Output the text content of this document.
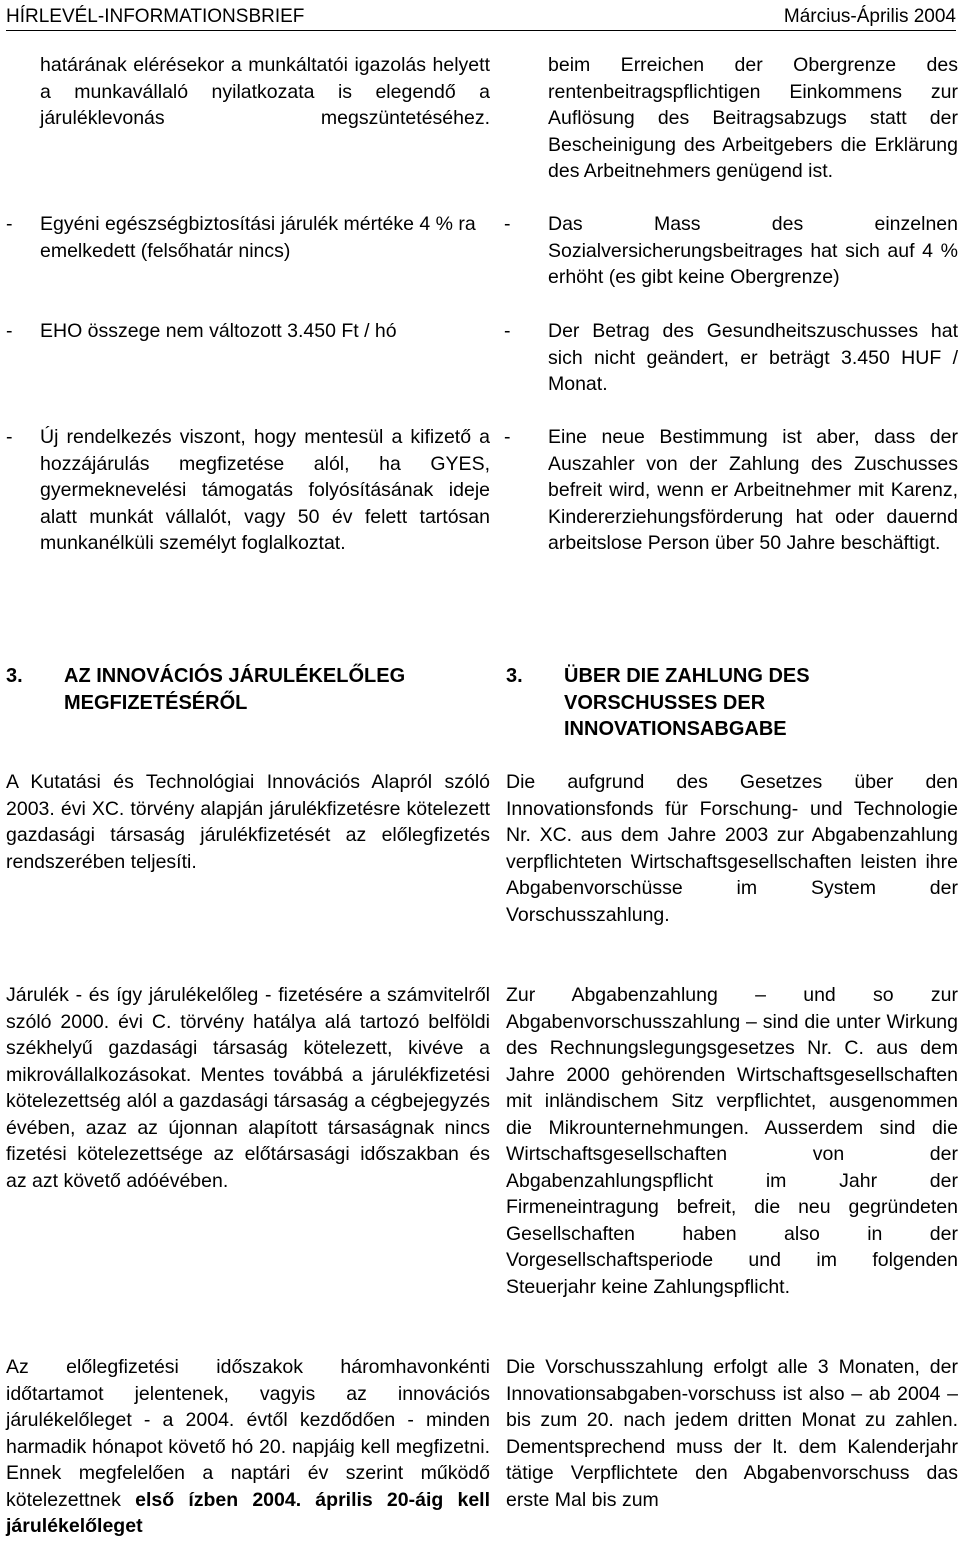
HÍRLEVÉL-INFORMATIONSBRIEF	Március-Április 2004

határának elérésekor a munkáltatói igazolás helyett a munkavállaló nyilatkozata is elegendő a járuléklevonás megszüntetéséhez.

- Egyéni egészségbiztosítási járulék mértéke 4 % ra emelkedett (felsőhatár nincs)

- EHO összege nem változott 3.450 Ft / hó

- Új rendelkezés viszont, hogy mentesül a kifizető a hozzájárulás megfizetése alól, ha GYES, gyermeknevelési támogatás folyósításának ideje alatt munkát vállalót, vagy 50 év felett tartósan munkanélküli személyt foglalkoztat.

beim Erreichen der Obergrenze des rentenbeitragspflichtigen Einkommens zur Auflösung des Beitragsabzugs statt der Bescheinigung des Arbeitgebers die Erklärung des Arbeitnehmers genügend ist.

- Das Mass des einzelnen Sozialversicherungsbeitrages hat sich auf 4 % erhöht (es gibt keine Obergrenze)

- Der Betrag des Gesundheitszuschusses hat sich nicht geändert, er beträgt 3.450 HUF / Monat.

- Eine neue Bestimmung ist aber, dass der Auszahler von der Zahlung des Zuschusses befreit wird, wenn er Arbeitnehmer mit Karenz, Kindererziehungsförderung hat oder dauernd arbeitslose Person über 50 Jahre beschäftigt.

3. AZ INNOVÁCIÓS JÁRULÉKELŐLEG
MEGFIZETÉSÉRŐL
3. ÜBER DIE ZAHLUNG DES
VORSCHUSSES DER
INNOVATIONSABGABE

A Kutatási és Technológiai Innovációs Alapról szóló 2003. évi XC. törvény alapján járulékfizetésre kötelezett gazdasági társaság járulékfizetését az előlegfizetés rendszerében teljesíti.

Járulék - és így járulékelőleg - fizetésére a számvitelről szóló 2000. évi C. törvény hatálya alá tartozó belföldi székhelyű gazdasági társaság kötelezett, kivéve a mikrovállalkozásokat. Mentes továbbá a járulékfizetési kötelezettség alól a gazdasági társaság a cégbejegyzés évében, azaz az újonnan alapított társaságnak nincs fizetési kötelezettsége az előtársasági időszakban és az azt követő adóévében.

Az előlegfizetési időszakok háromhavonkénti időtartamot jelentenek, vagyis az innovációs járulékelőleget - a 2004. évtől kezdődően - minden harmadik hónapot követő hó 20. napjáig kell megfizetni. Ennek megfelelően a naptári év szerint működő kötelezettnek első ízben 2004. április 20-áig kell járulékelőleget

Die aufgrund des Gesetzes über den Innovationsfonds für Forschung- und Technologie Nr. XC. aus dem Jahre 2003 zur Abgabenzahlung verpflichteten Wirtschaftsgesellschaften leisten ihre Abgabenvorschüsse im System der Vorschusszahlung.

Zur Abgabenzahlung – und so zur Abgabenvorschusszahlung – sind die unter Wirkung des Rechnungslegungsgesetzes Nr. C. aus dem Jahre 2000 gehörenden Wirtschaftsgesellschaften mit inländischem Sitz verpflichtet, ausgenommen die Mikrounternehmungen. Ausserdem sind die Wirtschaftsgesellschaften von der Abgabenzahlungspflicht im Jahr der Firmeneintragung befreit, die neu gegründeten Gesellschaften haben also in der Vorgesellschaftsperiode und im folgenden Steuerjahr keine Zahlungspflicht.

Die Vorschusszahlung erfolgt alle 3 Monaten, der Innovationsabgaben-vorschuss ist also – ab 2004 – bis zum 20. nach jedem dritten Monat zu zahlen. Dementsprechend muss der lt. dem Kalenderjahr tätige Verpflichtete den Abgabenvorschuss das erste Mal bis zum
